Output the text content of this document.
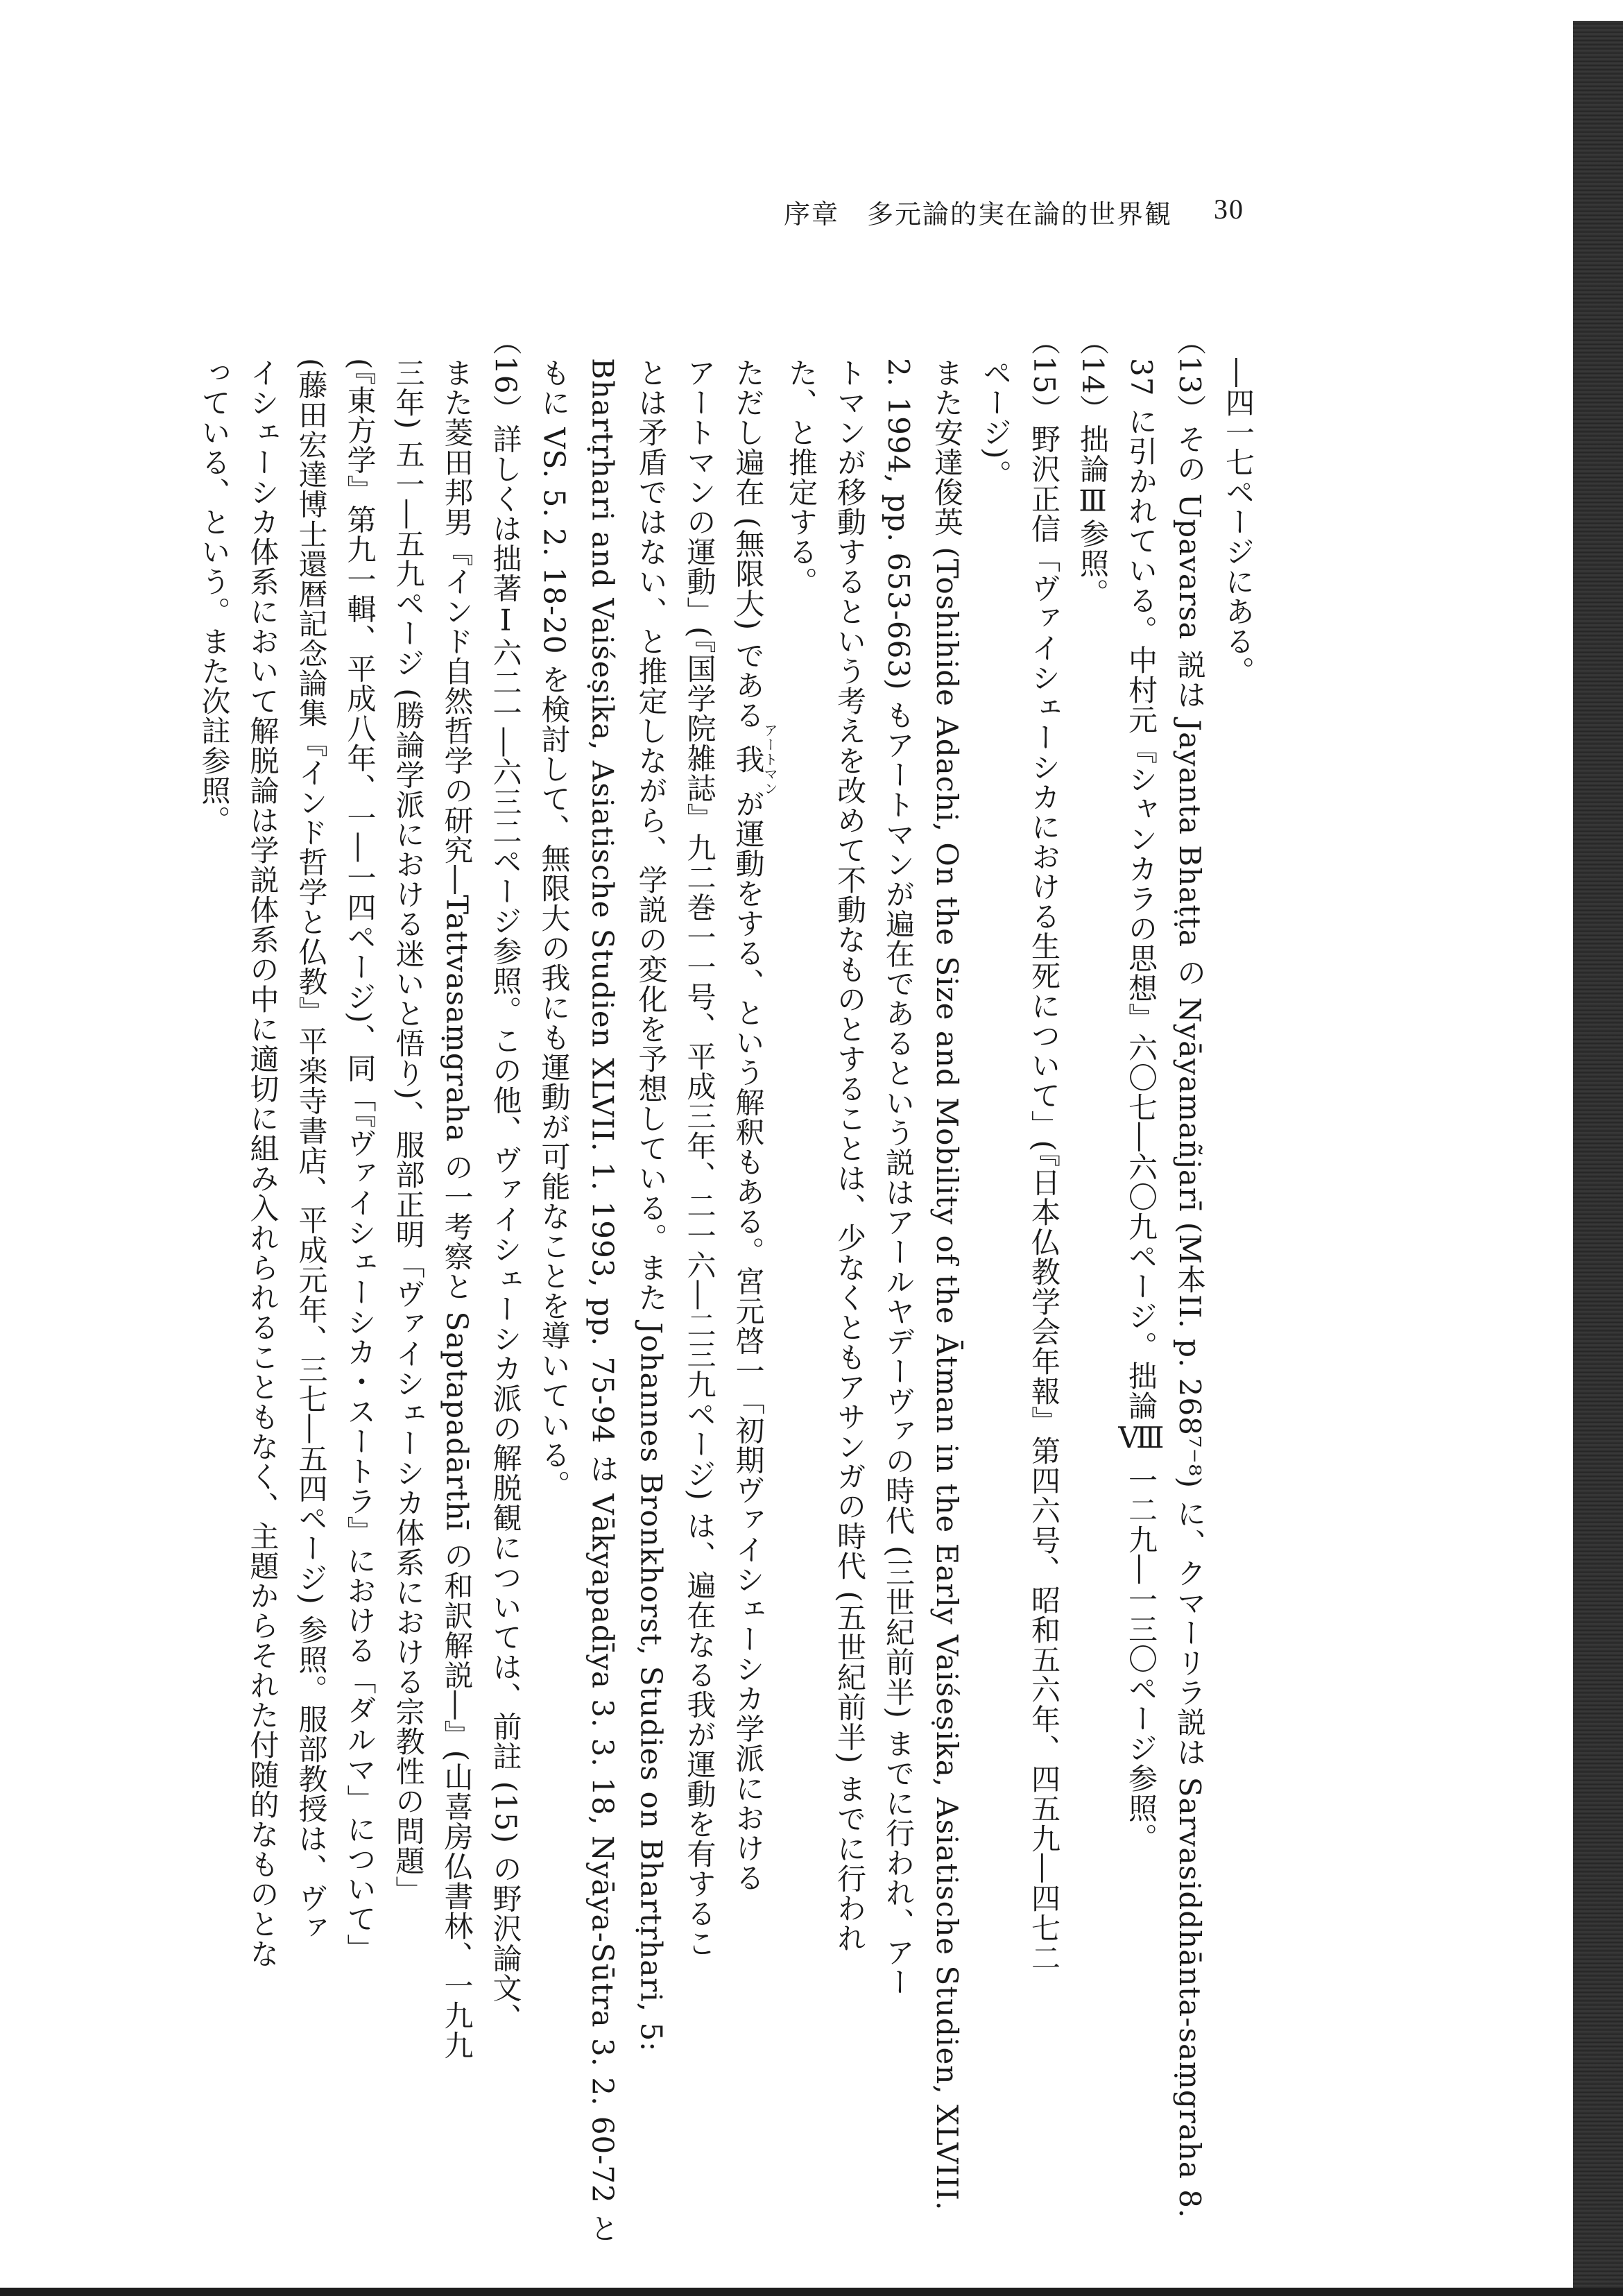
序章　多元論的実在論的世界観 30
―四一七ページにある。
（13）その Upavarsa 説は Jayanta Bhaṭṭa の Nyāyamañjarī (M本II. p. 268⁷⁻⁸) に、クマーリラ説は Sarvasiddhānta-saṃgraha 8.
37 に引かれている。中村元『シャンカラの思想』六〇七―六〇九ページ。拙論Ⅷ 一二九―一三〇ページ参照。
（14）拙論Ⅲ参照。
（15）野沢正信「ヴァイシェーシカにおける生死について」(『日本仏教学会年報』第四六号、昭和五六年、四五九―四七二
ページ)。
また安達俊英 (Toshihide Adachi, On the Size and Mobility of the Ātman in the Early Vaiśeṣika, Asiatische Studien, XLVIII.
2. 1994, pp. 653-663) もアートマンが遍在であるという説はアールヤデーヴァの時代 (三世紀前半) までに行われ、アー
トマンが移動するという考えを改めて不動なものとすることは、少なくともアサンガの時代 (五世紀前半) までに行われ
た、と推定する。
ただし遍在 (無限大) である我アートマンが運動をする、という解釈もある。宮元啓一「初期ヴァイシェーシカ学派における
アートマンの運動」(『国学院雑誌』九二巻一一号、平成三年、二一六―二三九ページ) は、遍在なる我が運動を有するこ
とは矛盾ではない、と推定しながら、学説の変化を予想している。また Johannes Bronkhorst, Studies on Bhartṛhari, 5:
Bhartṛhari and Vaiśeṣika, Asiatische Studien XLVII. 1. 1993, pp. 75-94 は Vākyapadīya 3. 3. 18, Nyāya-Sūtra 3. 2. 60-72 と
もに VS. 5. 2. 18-20 を検討して、無限大の我にも運動が可能なことを導いている。
（16）詳しくは拙著Ⅰ六二一―六三二ページ参照。この他、ヴァイシェーシカ派の解脱観については、前註 (15) の野沢論文、
また菱田邦男『インド自然哲学の研究―Tattvasaṃgraha の一考察と Saptapadārthī の和訳解説―』(山喜房仏書林、一九九
三年) 五一―五九ページ (勝論学派における迷いと悟り)、服部正明「ヴァイシェーシカ体系における宗教性の問題」
(『東方学』第九一輯、平成八年、一―一四ページ)、同「『ヴァイシェーシカ・スートラ』における「ダルマ」について」
(藤田宏達博士還暦記念論集『インド哲学と仏教』平楽寺書店、平成元年、三七―五四ページ) 参照。服部教授は、ヴァ
イシェーシカ体系において解脱論は学説体系の中に適切に組み入れられることもなく、主題からそれた付随的なものとな
っている、という。また次註参照。
